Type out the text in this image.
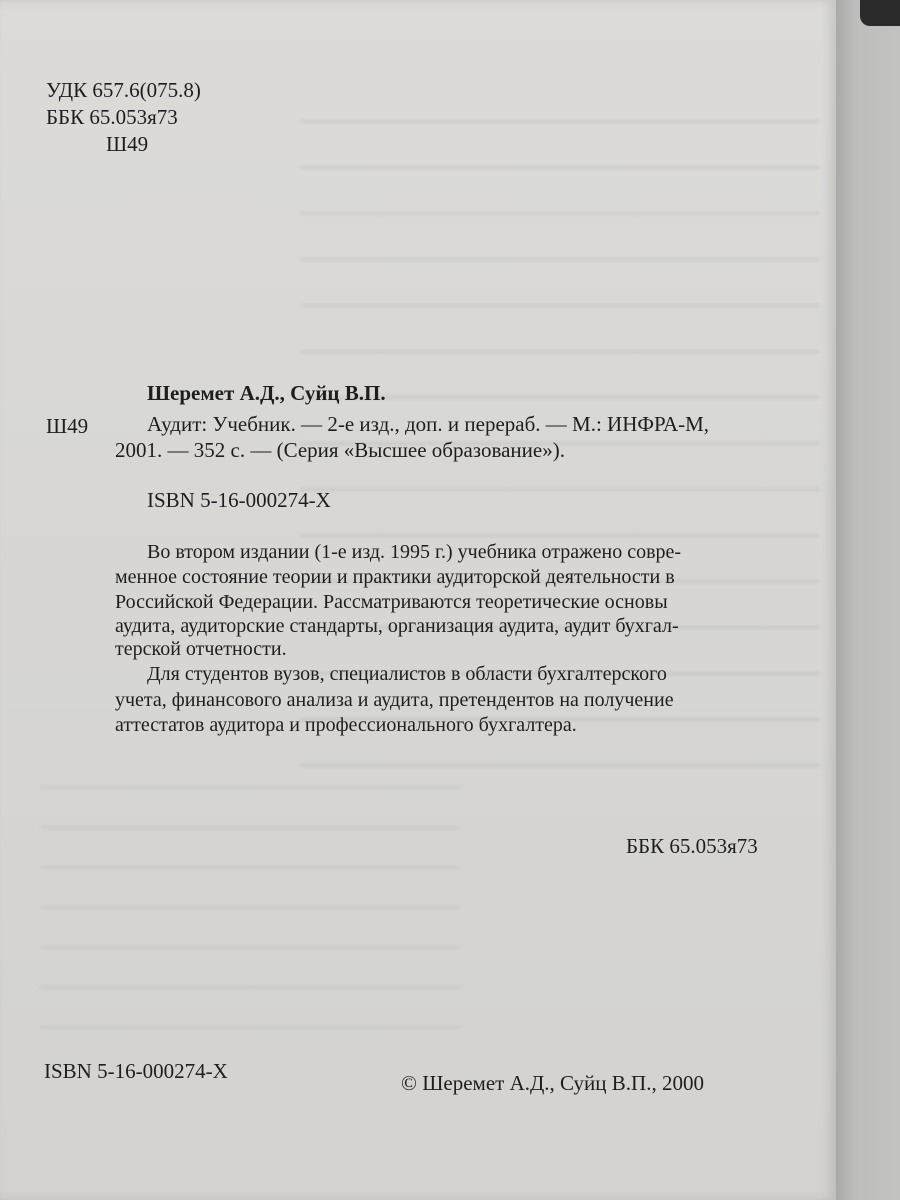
УДК 657.6(075.8)
ББК 65.053я73
Ш49
Шеремет А.Д., Суйц В.П.
Ш49	Аудит: Учебник. — 2-е изд., доп. и перераб. — М.: ИНФРА-М,
2001. — 352 с. — (Серия «Высшее образование»).
ISBN 5-16-000274-X
Во втором издании (1-е изд. 1995 г.) учебника отражено совре-
менное состояние теории и практики аудиторской деятельности в
Российской Федерации. Рассматриваются теоретические основы
аудита, аудиторские стандарты, организация аудита, аудит бухгал-
терской отчетности.
Для студентов вузов, специалистов в области бухгалтерского
учета, финансового анализа и аудита, претендентов на получение
аттестатов аудитора и профессионального бухгалтера.
ББК 65.053я73
ISBN 5-16-000274-X	© Шеремет А.Д., Суйц В.П., 2000
